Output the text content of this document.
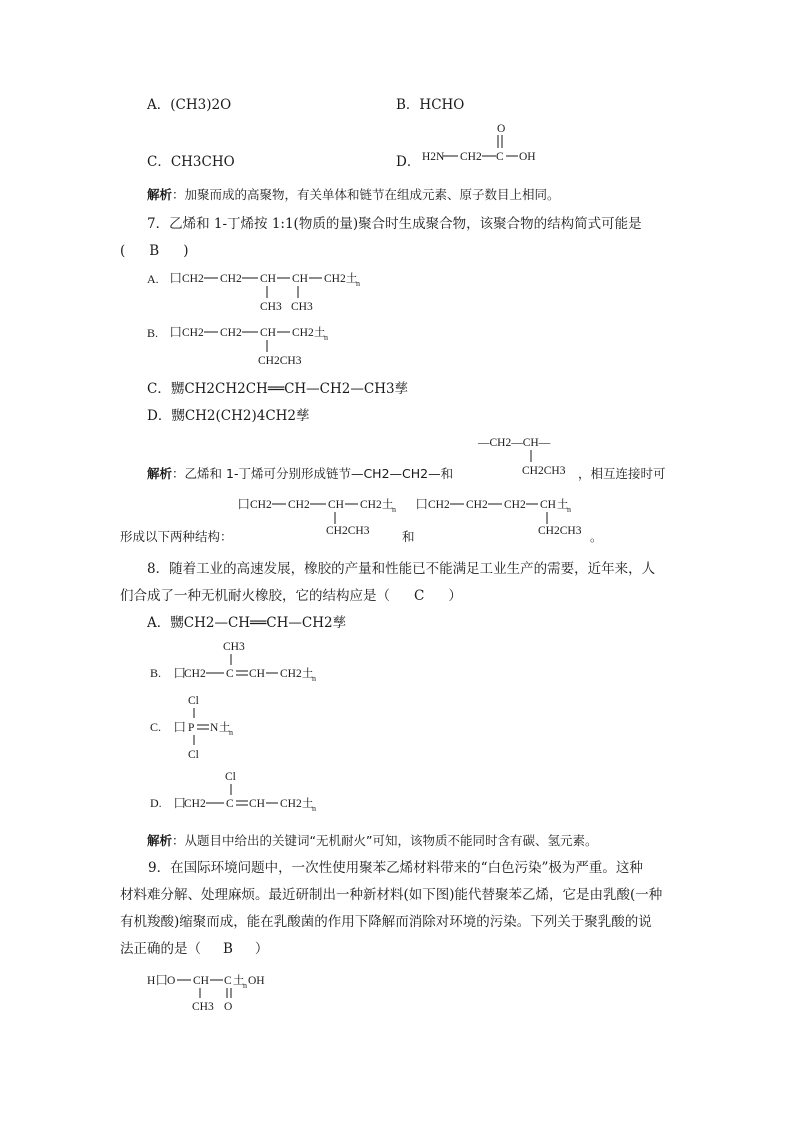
A．(CH3)2O	B．HCHO
C．CH3CHO	D．
O
H2N CH2 C OH
解析：加聚而成的高聚物，有关单体和链节在组成元素、原子数目上相同。
7．乙烯和 1-丁烯按 1:1(物质的量)聚合时生成聚合物，该聚合物的结构简式可能是
( B )
A. ⼞ CH2 CH2 CH CH CH2 ⼟
n
CH3 CH3
B. ⼞ CH2 CH2 CH CH2 ⼟
n
CH2CH3
C．嬲CH2CH2CH══CH—CH2—CH3孳
D．嬲CH2(CH2)4CH2孳
—CH2—CH—
CH2CH3
解析：乙烯和 1-丁烯可分别形成链节—CH2—CH2—和	，相互连接时可
⼞ CH2 CH2 CH CH2 ⼟
n
CH2CH3
⼞ CH2 CH2 CH2 CH ⼟
n
CH2CH3
形成以下两种结构：	和	。
8．随着工业的高速发展，橡胶的产量和性能已不能满足工业生产的需要，近年来，人
们合成了一种无机耐火橡胶，它的结构应是（ C ）
A．嬲CH2—CH══CH—CH2孳
B.
CH3
⼞
CH2 C CH CH2 ⼟
n
C.
Cl
⼞ P N ⼟
n
Cl
D.
Cl
⼞
CH2 C CH CH2 ⼟
n
解析：从题目中给出的关键词“无机耐火”可知，该物质不能同时含有碳、氢元素。
9．在国际环境问题中，一次性使用聚苯乙烯材料带来的“白色污染”极为严重。这种
材料难分解、处理麻烦。最近研制出一种新材料(如下图)能代替聚苯乙烯，它是由乳酸(一种
有机羧酸)缩聚而成，能在乳酸菌的作用下降解而消除对环境的污染。下列关于聚乳酸的说
法正确的是（ B ）
H ⼞ O CH C ⼟
n OH
CH3 O
